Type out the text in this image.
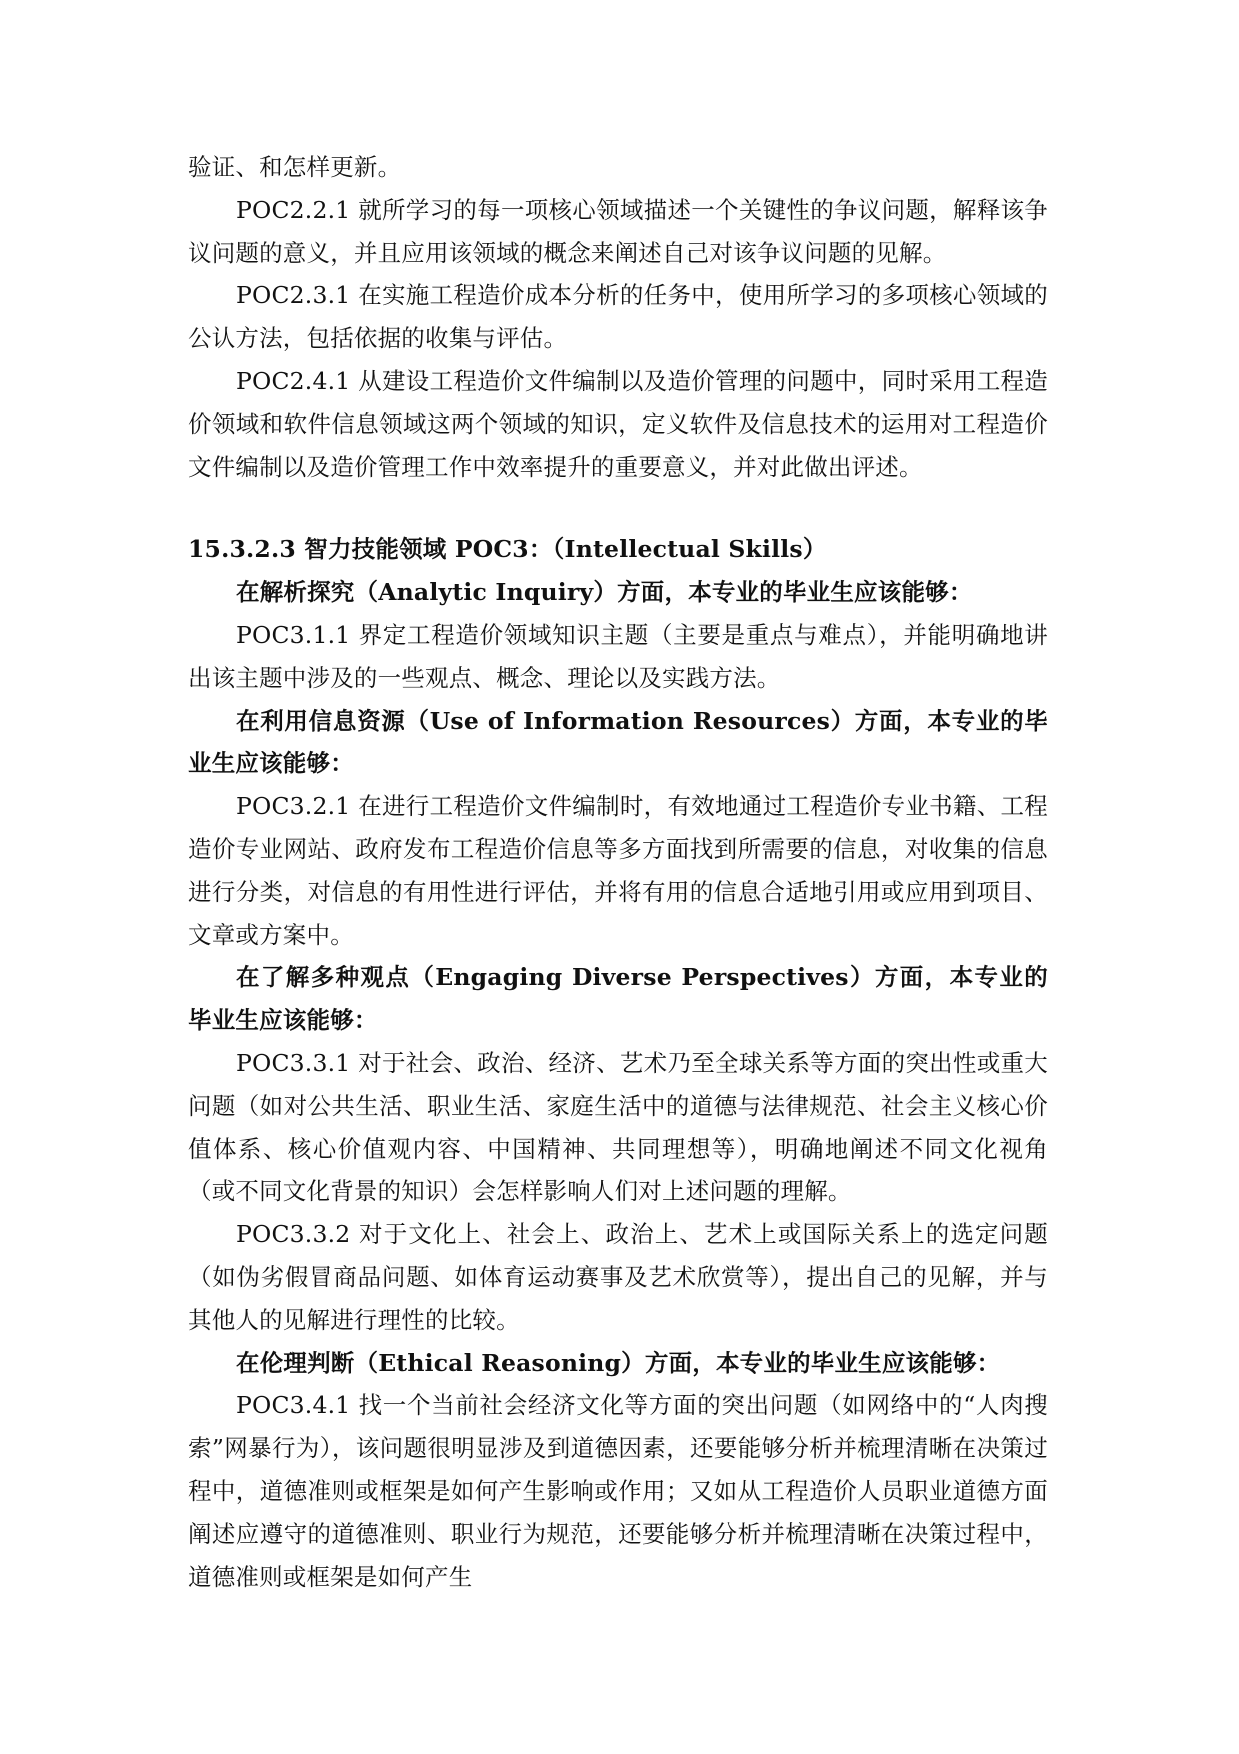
验证、和怎样更新。

POC2.2.1 就所学习的每一项核心领域描述一个关键性的争议问题，解释该争议问题的意义，并且应用该领域的概念来阐述自己对该争议问题的见解。

POC2.3.1 在实施工程造价成本分析的任务中，使用所学习的多项核心领域的公认方法，包括依据的收集与评估。

POC2.4.1 从建设工程造价文件编制以及造价管理的问题中，同时采用工程造价领域和软件信息领域这两个领域的知识，定义软件及信息技术的运用对工程造价文件编制以及造价管理工作中效率提升的重要意义，并对此做出评述。

15.3.2.3 智力技能领域 POC3：（Intellectual Skills）

在解析探究（Analytic Inquiry）方面，本专业的毕业生应该能够：

POC3.1.1 界定工程造价领域知识主题（主要是重点与难点），并能明确地讲出该主题中涉及的一些观点、概念、理论以及实践方法。

在利用信息资源（Use of Information Resources）方面，本专业的毕业生应该能够：

POC3.2.1 在进行工程造价文件编制时，有效地通过工程造价专业书籍、工程造价专业网站、政府发布工程造价信息等多方面找到所需要的信息，对收集的信息进行分类，对信息的有用性进行评估，并将有用的信息合适地引用或应用到项目、文章或方案中。

在了解多种观点（Engaging Diverse Perspectives）方面，本专业的毕业生应该能够：

POC3.3.1 对于社会、政治、经济、艺术乃至全球关系等方面的突出性或重大问题（如对公共生活、职业生活、家庭生活中的道德与法律规范、社会主义核心价值体系、核心价值观内容、中国精神、共同理想等），明确地阐述不同文化视角（或不同文化背景的知识）会怎样影响人们对上述问题的理解。

POC3.3.2 对于文化上、社会上、政治上、艺术上或国际关系上的选定问题（如伪劣假冒商品问题、如体育运动赛事及艺术欣赏等），提出自己的见解，并与其他人的见解进行理性的比较。

在伦理判断（Ethical Reasoning）方面，本专业的毕业生应该能够：

POC3.4.1 找一个当前社会经济文化等方面的突出问题（如网络中的“人肉搜索”网暴行为），该问题很明显涉及到道德因素，还要能够分析并梳理清晰在决策过程中，道德准则或框架是如何产生影响或作用；又如从工程造价人员职业道德方面阐述应遵守的道德准则、职业行为规范，还要能够分析并梳理清晰在决策过程中，道德准则或框架是如何产生
